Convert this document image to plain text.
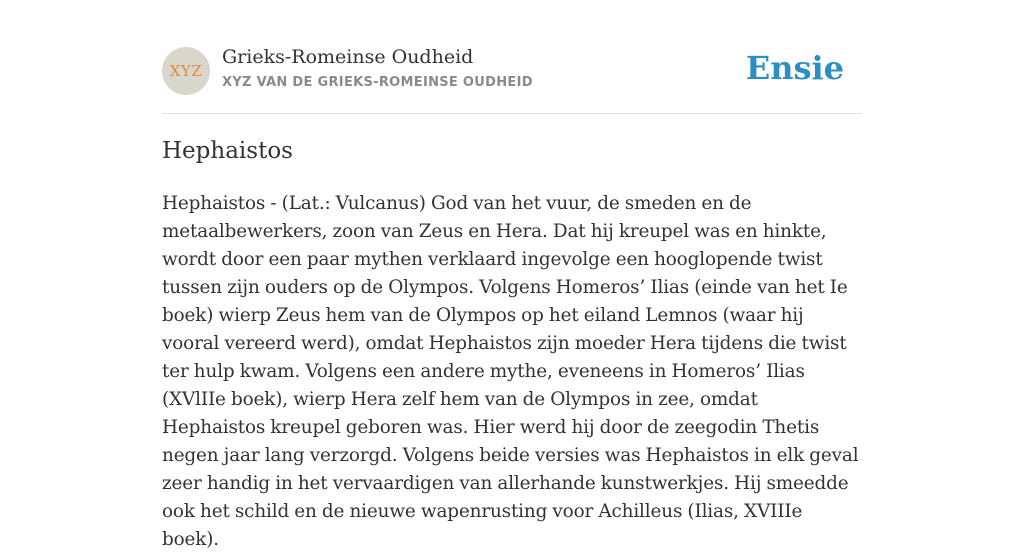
XYZ
Grieks-Romeinse Oudheid
XYZ VAN DE GRIEKS-ROMEINSE OUDHEID	Ensie
Hephaistos
Hephaistos - (Lat.: Vulcanus) God van het vuur, de smeden en de metaalbewerkers, zoon van Zeus en Hera. Dat hij kreupel was en hinkte, wordt door een paar mythen verklaard ingevolge een hooglopende twist tussen zijn ouders op de Olympos. Volgens Homeros’ Ilias (einde van het Ie boek) wierp Zeus hem van de Olympos op het eiland Lemnos (waar hij vooral vereerd werd), omdat Hephaistos zijn moeder Hera tijdens die twist ter hulp kwam. Volgens een andere mythe, eveneens in Homeros’ Ilias (XVlIIe boek), wierp Hera zelf hem van de Olympos in zee, omdat Hephaistos kreupel geboren was. Hier werd hij door de zeegodin Thetis negen jaar lang verzorgd. Volgens beide versies was Hephaistos in elk geval zeer handig in het vervaardigen van allerhande kunstwerkjes. Hij smeedde ook het schild en de nieuwe wapenrusting voor Achilleus (Ilias, XVIIIe boek).
